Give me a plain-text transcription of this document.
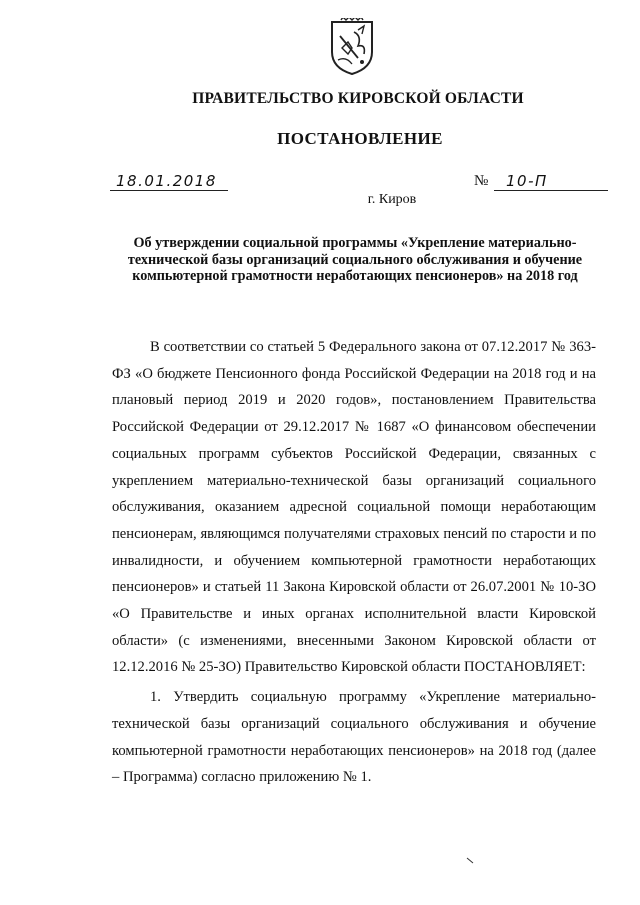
ПРАВИТЕЛЬСТВО КИРОВСКОЙ ОБЛАСТИ
ПОСТАНОВЛЕНИЕ
18.01.2018	№	10-П
г. Киров
Об утверждении социальной программы «Укрепление материально-технической базы организаций социального обслуживания и обучение компьютерной грамотности неработающих пенсионеров» на 2018 год

В соответствии со статьей 5 Федерального закона от 07.12.2017 № 363-ФЗ «О бюджете Пенсионного фонда Российской Федерации на 2018 год и на плановый период 2019 и 2020 годов», постановлением Правительства Российской Федерации от 29.12.2017 № 1687 «О финансовом обеспечении социальных программ субъектов Российской Федерации, связанных с укреплением материально-технической базы организаций социального обслуживания, оказанием адресной социальной помощи неработающим пенсионерам, являющимся получателями страховых пенсий по старости и по инвалидности, и обучением компьютерной грамотности неработающих пенсионеров» и статьей 11 Закона Кировской области от 26.07.2001 № 10-ЗО «О Правительстве и иных органах исполнительной власти Кировской области» (с изменениями, внесенными Законом Кировской области от 12.12.2016 № 25-ЗО) Правительство Кировской области ПОСТАНОВЛЯЕТ:

1. Утвердить социальную программу «Укрепление материально-технической базы организаций социального обслуживания и обучение компьютерной грамотности неработающих пенсионеров» на 2018 год (далее – Программа) согласно приложению № 1.
